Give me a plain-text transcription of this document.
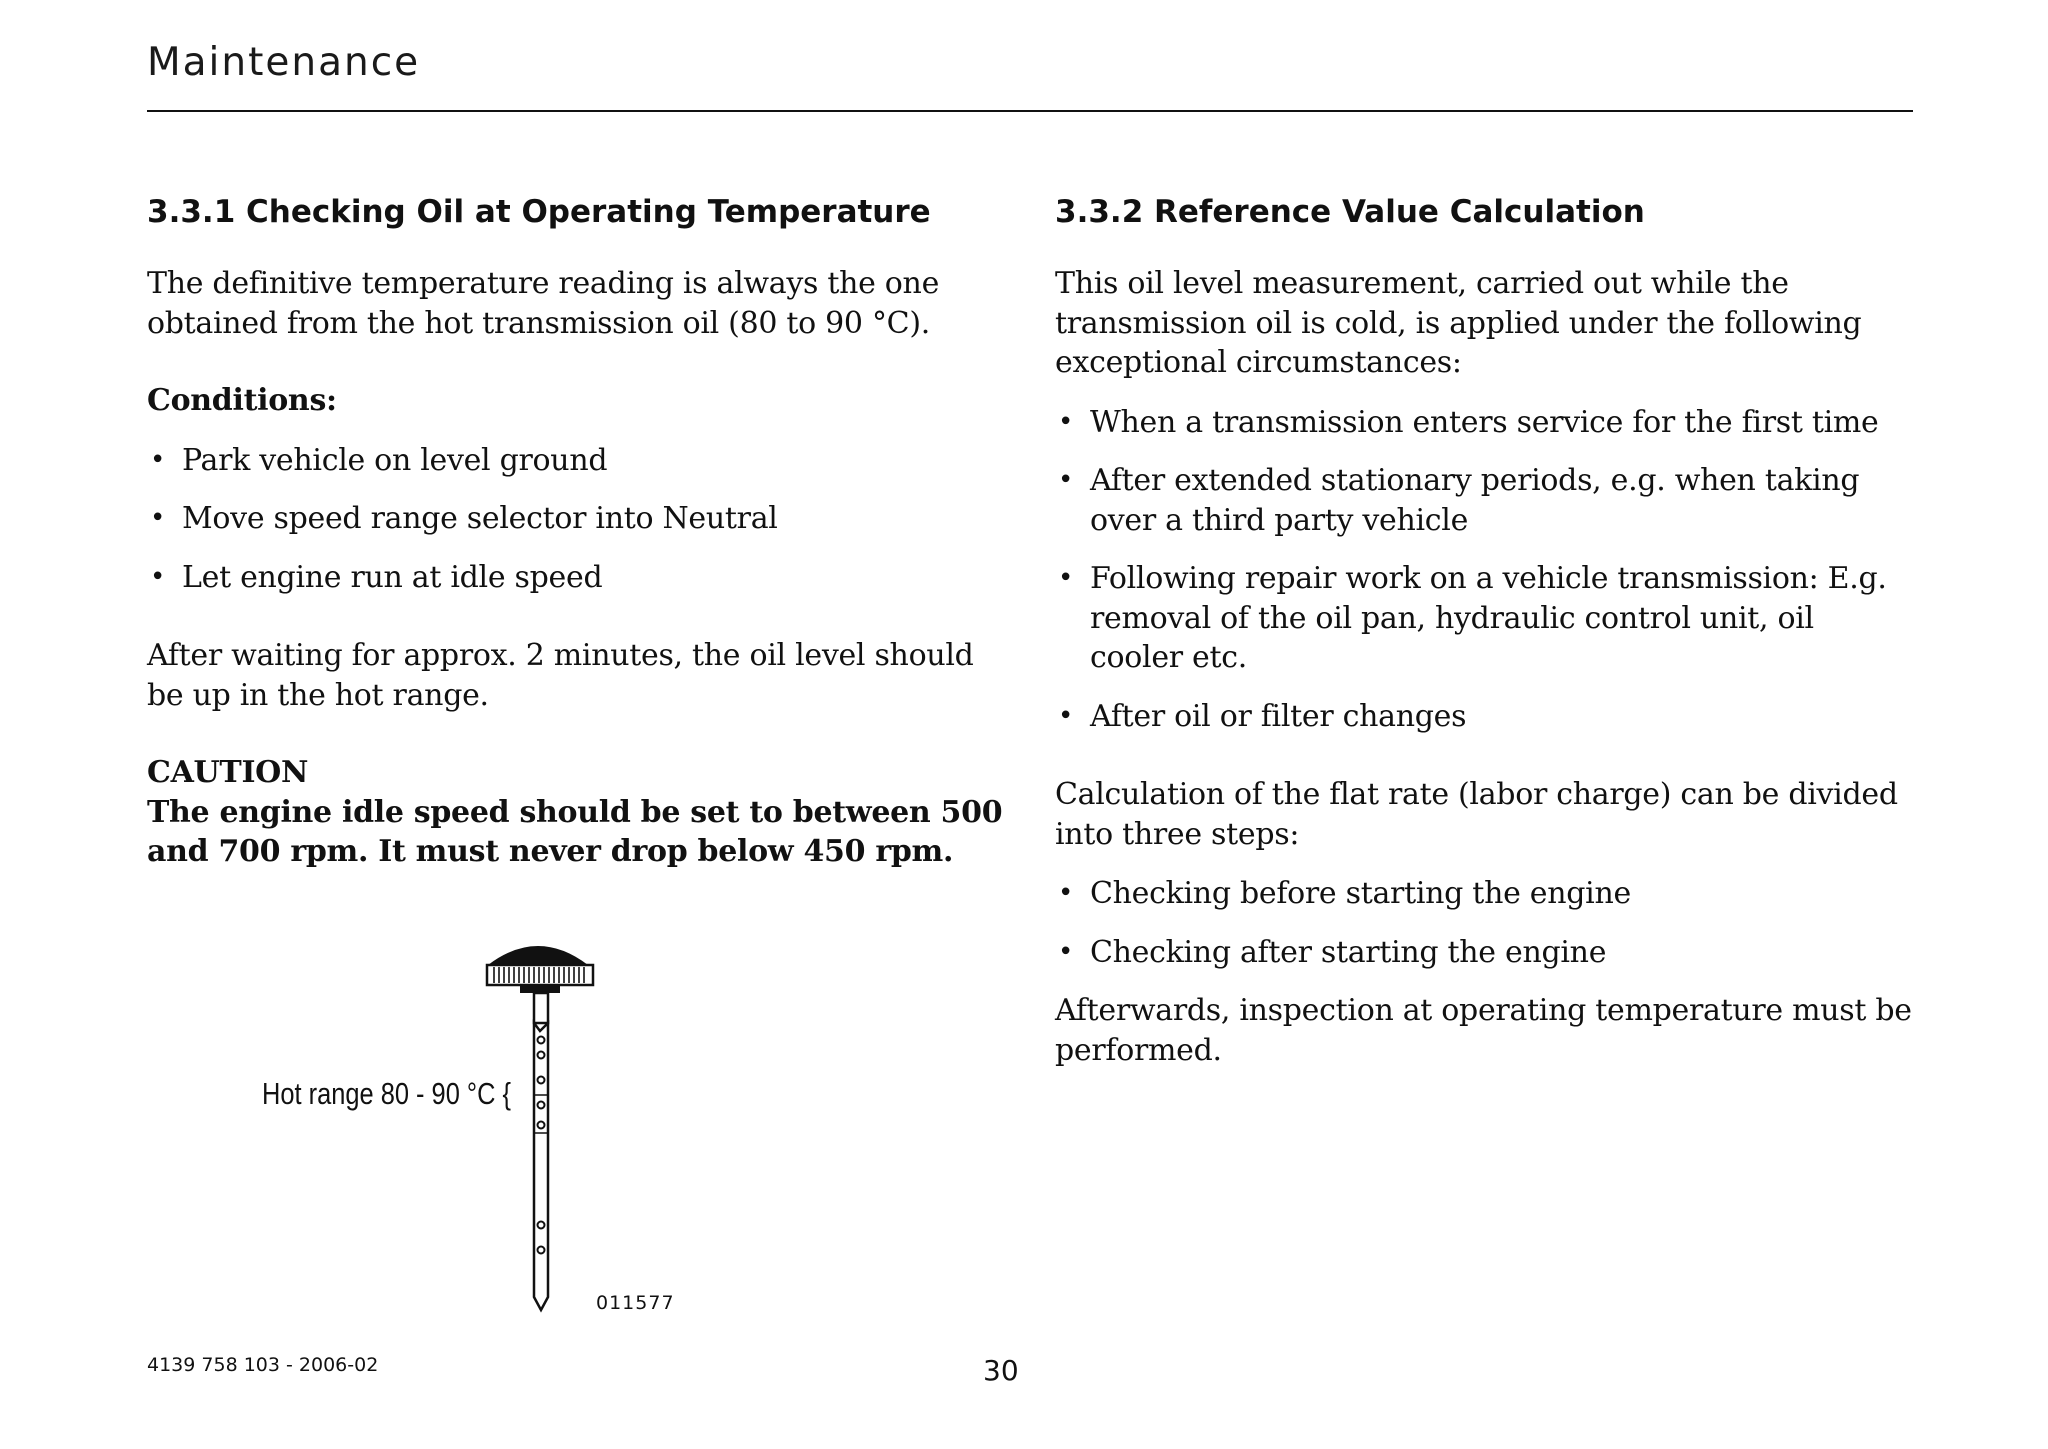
Maintenance
3.3.1 Checking Oil at Operating Temperature

The definitive temperature reading is always the one obtained from the hot transmission oil (80 to 90 °C).

Conditions:

• Park vehicle on level ground
• Move speed range selector into Neutral
• Let engine run at idle speed

After waiting for approx. 2 minutes, the oil level should be up in the hot range.

CAUTION

The engine idle speed should be set to between 500 and 700 rpm. It must never drop below 450 rpm.

Hot range 80 - 90 °C {
011577
3.3.2 Reference Value Calculation

This oil level measurement, carried out while the transmission oil is cold, is applied under the following exceptional circumstances:

• When a transmission enters service for the first time
• After extended stationary periods, e.g. when taking over a third party vehicle
• Following repair work on a vehicle transmission: E.g. removal of the oil pan, hydraulic control unit, oil cooler etc.
• After oil or filter changes

Calculation of the flat rate (labor charge) can be divided into three steps:

• Checking before starting the engine
• Checking after starting the engine

Afterwards, inspection at operating temperature must be performed.

4139 758 103 - 2006-02	30
